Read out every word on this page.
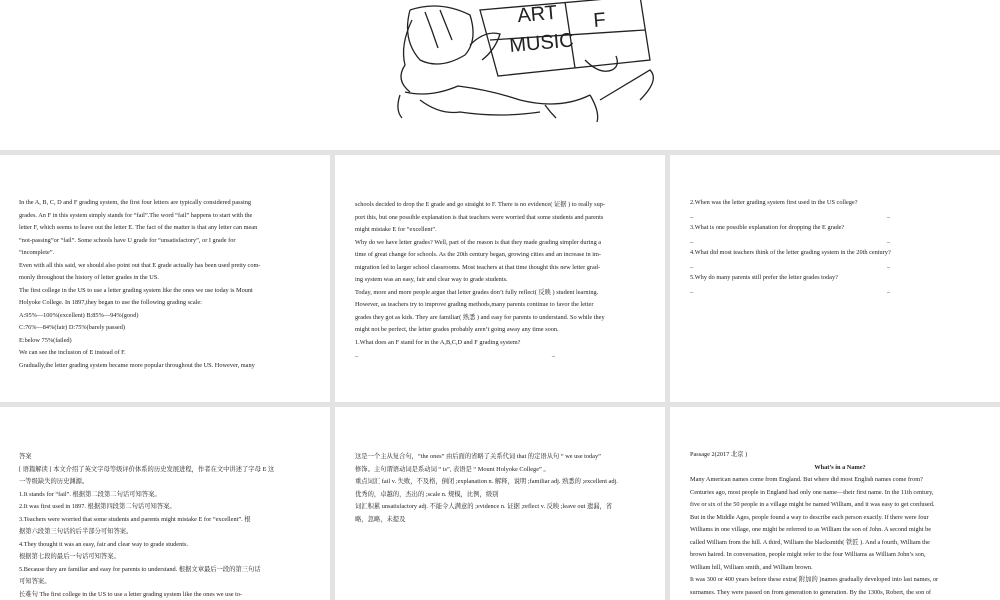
ART
MUSIC
F
In the A, B, C, D and F grading system, the first four letters are typically considered passing
grades. An F in this system simply stands for “fail”.The word “fail” happens to start with the
letter F, which seems to leave out the letter E. The fact of the matter is that any letter can mean
“not-passing”or “fail”. Some schools have U grade for “unsatisfactory”, or I grade for
“incomplete”.
Even with all this said, we should also point out that E grade actually has been used pretty com-
monly throughout the history of letter grades in the US.
The first college in the US to use a letter grading system like the ones we use today is Mount
Holyoke College. In 1897,they began to use the following grading scale:
A:95%—100%(excellent) B:85%—94%(good)
C:76%—84%(fair) D:75%(barely passed)
E:below 75%(failed)
We can see the inclusion of E instead of F.
Gradually,the letter grading system became more popular throughout the US. However, many
schools decided to drop the E grade and go straight to F. There is no evidence( 证据 ) to really sup-
port this, but one possible explanation is that teachers were worried that some students and parents
might mistake E for “excellent”.
Why do we have letter grades? Well, part of the reason is that they made grading simpler during a
time of great change for schools. As the 20th century began, growing cities and an increase in im-
migration led to larger school classrooms. Most teachers at that time thought this new letter grad-
ing system was an easy, fair and clear way to grade students.
Today, more and more people argue that letter grades don’t fully reflect( 反映 ) student learning.
However, as teachers try to improve grading methods,many parents continue to favor the letter
grades they got as kids. They are familiar( 熟悉 ) and easy for parents to understand. So while they
might not be perfect, the letter grades probably aren’t going away any time soon.
1.What does an F stand for in the A,B,C,D and F grading system?
_	_
2.When was the letter grading system first used in the US college?
_	_
3.What is one possible explanation for dropping the E grade?
_	_
4.What did most teachers think of the letter grading system in the 20th century?
_	_
5.Why do many parents still prefer the letter grades today?
_	_
答案
[ 语篇解读 ] 本文介绍了英文字母等级评价体系的历史发展进程，作者在文中讲述了字母 E 这
一等级缺失的历史渊源。
1.It stands for “fail”. 根据第二段第二句话可知答案。
2.It was first used in 1897. 根据第四段第二句话可知答案。
3.Teachers were worried that some students and parents might mistake E for “excellent”. 根
据第六段第三句话的后半部分可知答案。
4.They thought it was an easy, fair and clear way to grade students.
根据第七段的最后一句话可知答案。
5.Because they are familiar and easy for parents to understand. 根据文章最后一段的第三句话
可知答案。
长难句 The first college in the US to use a letter grading system like the ones we use to-
这是一个主从复合句，“the ones” 由后面的省略了关系代词 that 的定语从句 “ we use today”
修饰。主句谓语动词是系动词 “ is”, 表语是 “ Mount Holyoke College” 。
重点词汇 fail v. 失败，不及格，倒闭 ;explanation n. 解释，说明 ;familiar adj. 熟悉的 ;excellent adj.
优秀的，卓越的，杰出的 ;scale n. 规模，比例，级别
词汇积累 unsatisfactory adj. 不能令人满意的 ;evidence n. 证据 ;reflect v. 反映 ;leave out 遗漏，省
略，忽略，未提及
Passage 2(2017 北京 )
What’s in a Name?
Many American names come from England. But where did most English names come from?
Centuries ago, most people in England had only one name—their first name. In the 11th century,
five or six of the 50 people in a village might be named William, and it was easy to get confused.
But in the Middle Ages, people found a way to describe each person exactly. If there were four
Williams in one village, one might be referred to as William the son of John. A second might be
called William from the hill. A third, William the blacksmith( 铁匠 ). And a fourth, William the
brown haired. In conversation, people might refer to the four Williams as William John’s son,
William hill, William smith, and William brown.
It was 300 or 400 years before these extra( 附加的 )names gradually developed into last names, or
surnames. They were passed on from generation to generation. By the 1300s, Robert, the son of
